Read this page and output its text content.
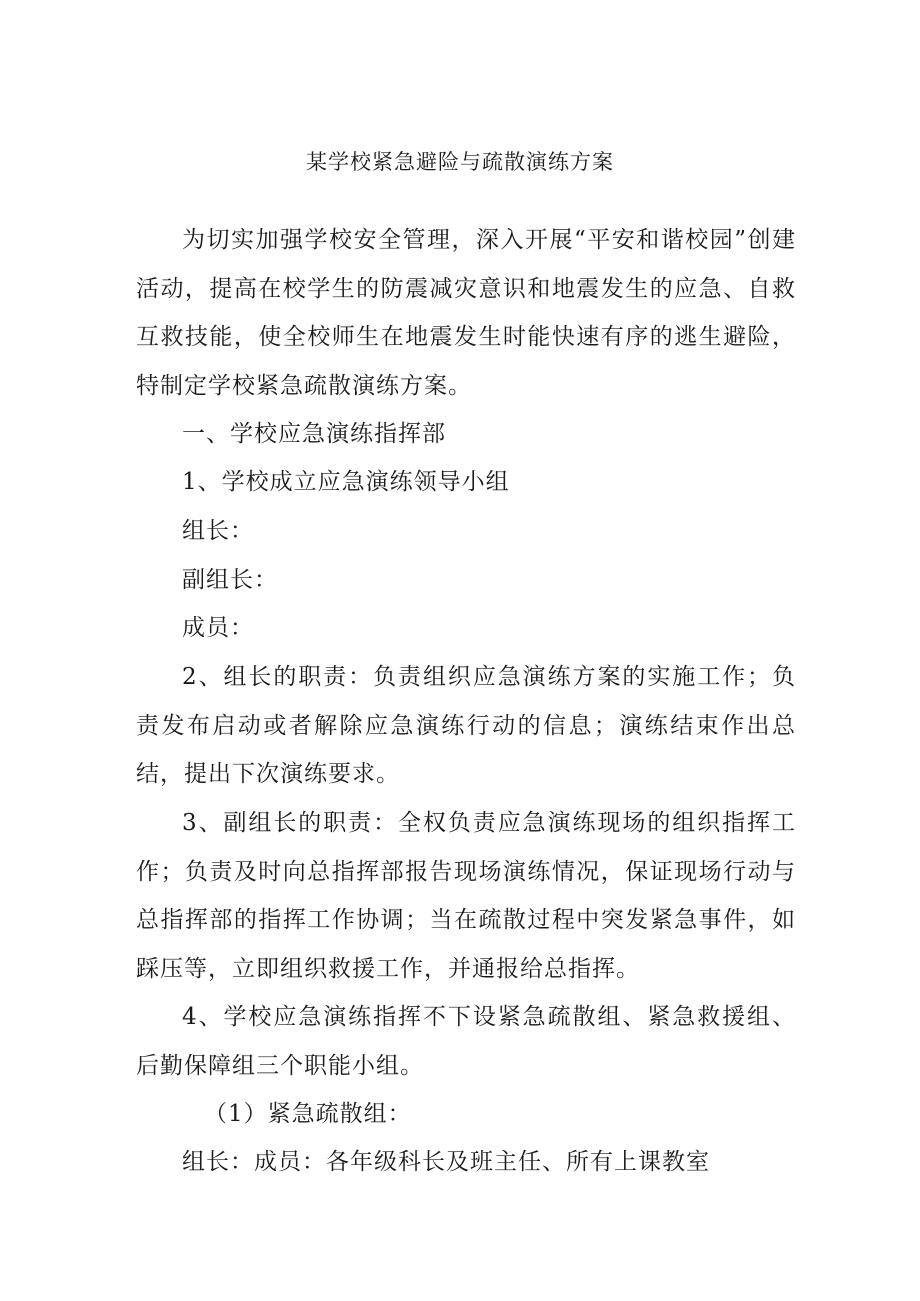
某学校紧急避险与疏散演练方案
为切实加强学校安全管理，深入开展“平安和谐校园”创建活动，提高在校学生的防震减灾意识和地震发生的应急、自救互救技能，使全校师生在地震发生时能快速有序的逃生避险，特制定学校紧急疏散演练方案。
一、学校应急演练指挥部
1、学校成立应急演练领导小组
组长：
副组长：
成员：
2、组长的职责：负责组织应急演练方案的实施工作；负责发布启动或者解除应急演练行动的信息；演练结束作出总结，提出下次演练要求。
3、副组长的职责：全权负责应急演练现场的组织指挥工作；负责及时向总指挥部报告现场演练情况，保证现场行动与总指挥部的指挥工作协调；当在疏散过程中突发紧急事件，如踩压等，立即组织救援工作，并通报给总指挥。
4、学校应急演练指挥不下设紧急疏散组、紧急救援组、后勤保障组三个职能小组。
（1）紧急疏散组：
组长：成员：各年级科长及班主任、所有上课教室
